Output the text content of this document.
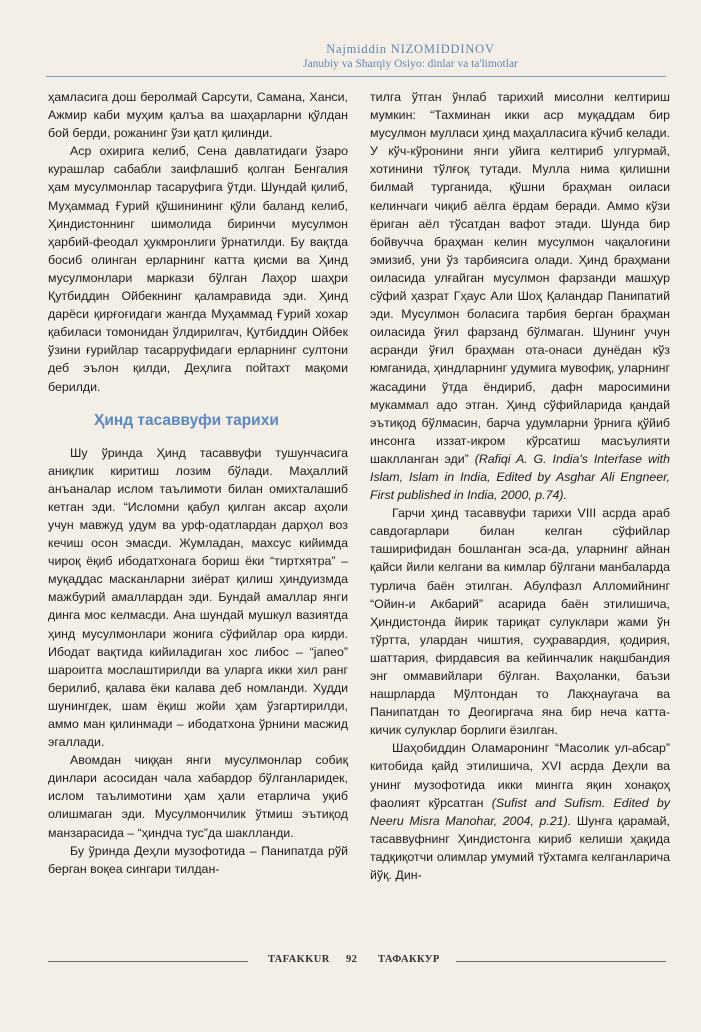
Najmiddin NIZOMIDDINOV
Janubiy va Sharqiy Osiyo: dinlar va ta'limotlar

ҳамласига дош беролмай Сарсути, Самана, Ханси, Ажмир каби муҳим қалъа ва шаҳарларни қўлдан бой берди, рожанинг ўзи қатл қилинди.

Аср охирига келиб, Сена давлатидаги ўзаро курашлар сабабли заифлашиб қолган Бенгалия ҳам мусулмонлар тасаруфига ўтди. Шундай қилиб, Муҳаммад Ғурий қўшинининг қўли баланд келиб, Ҳиндистоннинг шимолида биринчи мусулмон ҳарбий-феодал ҳукмронлиги ўрнатилди. Бу вақтда босиб олинган ерларнинг катта қисми ва Ҳинд мусулмонлари маркази бўлган Лаҳор шаҳри Қутбиддин Ойбекнинг қаламравида эди. Ҳинд дарёси қирғоғидаги жангда Муҳаммад Ғурий хохар қабиласи томонидан ўлдирилгач, Қутбиддин Ойбек ўзини ғурийлар тасарруфидаги ерларнинг султони деб эълон қилди, Деҳлига пойтахт мақоми берилди.

Ҳинд тасаввуфи тарихи

Шу ўринда Ҳинд тасаввуфи тушунчасига аниқлик киритиш лозим бўлади. Маҳаллий анъаналар ислом таълимоти билан омихталашиб кетган эди. “Исломни қабул қилган аксар аҳоли учун мавжуд удум ва урф-одатлардан дарҳол воз кечиш осон эмасди. Жумладан, махсус кийимда чироқ ёқиб ибодатхонага бориш ёки “тиртхятра” – муқаддас масканларни зиёрат қилиш ҳиндуизмда мажбурий амаллардан эди. Бундай амаллар янги динга мос келмасди. Ана шундай мушкул вазиятда ҳинд мусулмонлари жонига сўфийлар ора кирди. Ибодат вақтида кийиладиган хос либос – “јапео” шароитга мослаштирилди ва уларга икки хил ранг берилиб, қалава ёки калава деб номланди. Худди шунингдек, шам ёқиш жойи ҳам ўзгартирилди, аммо ман қилинмади – ибодатхона ўрнини масжид эгаллади.

Авомдан чиққан янги мусулмонлар собиқ динлари асосидан чала хабардор бўлганларидек, ислом таълимотини ҳам ҳали етарлича уқиб олишмаган эди. Мусулмончилик ўтмиш эътиқод манзарасида – “ҳиндча тус”да шаклланди.

Бу ўринда Деҳли музофотида – Панипатда рўй берган воқеа сингари тилдан-

тилга ўтган ўнлаб тарихий мисолни келтириш мумкин: “Тахминан икки аср муқаддам бир мусулмон мулласи ҳинд маҳалласига кўчиб келади. У кўч-кўронини янги уйига келтириб улгурмай, хотинини тўлғоқ тутади. Мулла нима қилишни билмай турганида, қўшни браҳман оиласи келинчаги чиқиб аёлга ёрдам беради. Аммо кўзи ёриган аёл тўсатдан вафот этади. Шунда бир бойвучча браҳман келин мусулмон чақалоғини эмизиб, уни ўз тарбиясига олади. Ҳинд браҳмани оиласида улғайган мусулмон фарзанди машҳур сўфий ҳазрат Гҳаус Али Шоҳ Қаландар Панипатий эди. Мусулмон боласига тарбия берган браҳман оиласида ўғил фарзанд бўлмаган. Шунинг учун асранди ўғил браҳман ота-онаси дунёдан кўз юмганида, ҳиндларнинг удумига мувофиқ, уларнинг жасадини ўтда ёндириб, дафн маросимини мукаммал адо этган. Ҳинд сўфийларида қандай эътиқод бўлмасин, барча удумларни ўрнига қўйиб инсонга иззат-икром кўрсатиш масъулияти шаклланган эди” (Rafiqi A. G. India's Interfase with Islam, Islam in India, Edited by Asghar Ali Engneer, First published in India, 2000, p.74).

Гарчи ҳинд тасаввуфи тарихи VIII асрда араб савдогарлари билан келган сўфийлар таширифидан бошланган эса-да, уларнинг айнан қайси йили келгани ва кимлар бўлгани манбаларда турлича баён этилган. Абулфазл Алломийнинг “Ойин-и Акбарий” асарида баён этилишича, Ҳиндистонда йирик тариқат сулуклари жами ўн тўртта, улардан чиштия, суҳравардия, қодирия, шаттария, фирдавсия ва кейинчалик нақшбандия энг оммавийлари бўлган. Ваҳоланки, баъзи нашрларда Мўлтондан то Лакҳнаугача ва Панипатдан то Деогиргача яна бир неча катта-кичик сулуклар борлиги ёзилган.

Шаҳобиддин Оламаронинг “Масолик ул-абсар” китобида қайд этилишича, XVI асрда Деҳли ва унинг музофотида икки мингга яқин хонақоҳ фаолият кўрсатган (Sufist and Sufism. Edited by Neeru Misra Manohar, 2004, p.21). Шунга қарамай, тасаввуфнинг Ҳиндистонга кириб келиши ҳақида тадқиқотчи олимлар умумий тўхтамга келганларича йўқ. Дин-

TAFAKKUR 92 ТАФАККУР
